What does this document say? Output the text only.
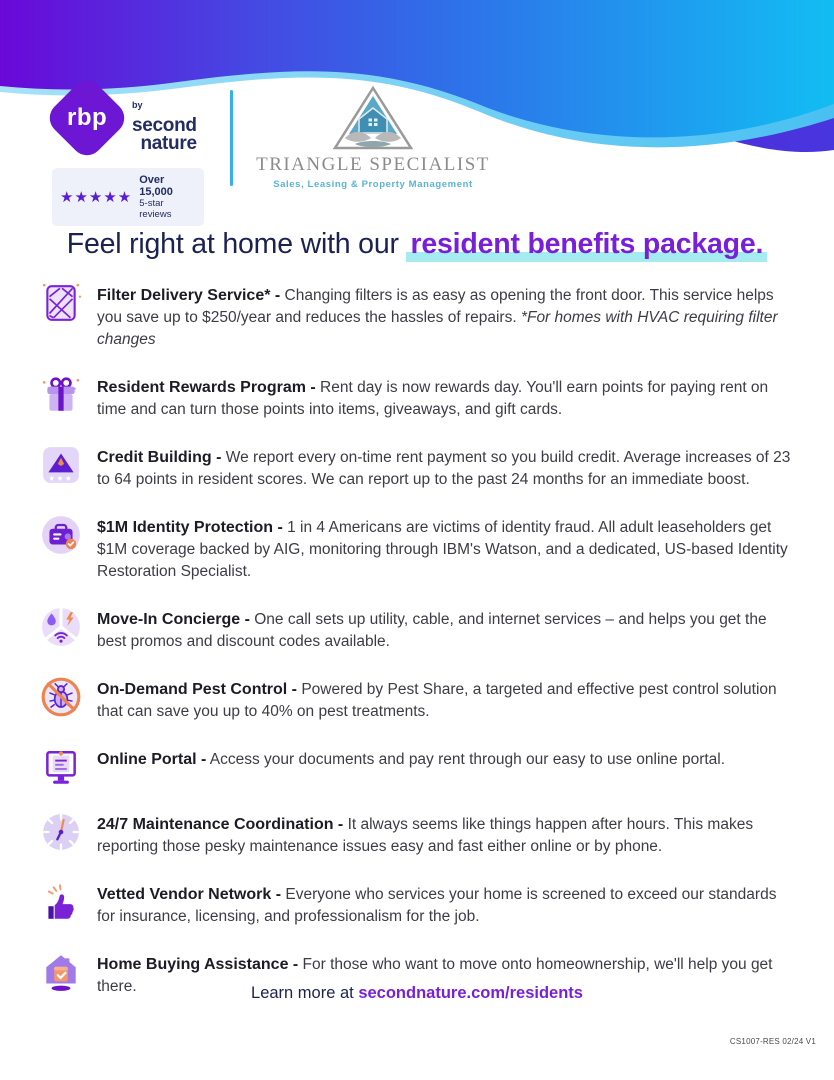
rbp	$^{by}$second
nature
★★★★★
Over 15,000
5-star reviews
TRIANGLE SPECIALIST
Sales, Leasing & Property Management
Feel right at home with our resident benefits package.

Filter Delivery Service* - Changing filters is as easy as opening the front door. This service helps you save up to $250/year and reduces the hassles of repairs. *For homes with HVAC requiring filter changes

Resident Rewards Program - Rent day is now rewards day. You'll earn points for paying rent on time and can turn those points into items, giveaways, and gift cards.

Credit Building - We report every on-time rent payment so you build credit. Average increases of 23 to 64 points in resident scores. We can report up to the past 24 months for an immediate boost.

$1M Identity Protection - 1 in 4 Americans are victims of identity fraud. All adult leaseholders get $1M coverage backed by AIG, monitoring through IBM's Watson, and a dedicated, US-based Identity Restoration Specialist.

Move-In Concierge - One call sets up utility, cable, and internet services – and helps you get the best promos and discount codes available.

On-Demand Pest Control - Powered by Pest Share, a targeted and effective pest control solution that can save you up to 40% on pest treatments.

Online Portal - Access your documents and pay rent through our easy to use online portal.

24/7 Maintenance Coordination - It always seems like things happen after hours. This makes reporting those pesky maintenance issues easy and fast either online or by phone.

Vetted Vendor Network - Everyone who services your home is screened to exceed our standards for insurance, licensing, and professionalism for the job.

Home Buying Assistance - For those who want to move onto homeownership, we'll help you get there.	Learn more at secondnature.com/residents
CS1007-RES 02/24 V1
